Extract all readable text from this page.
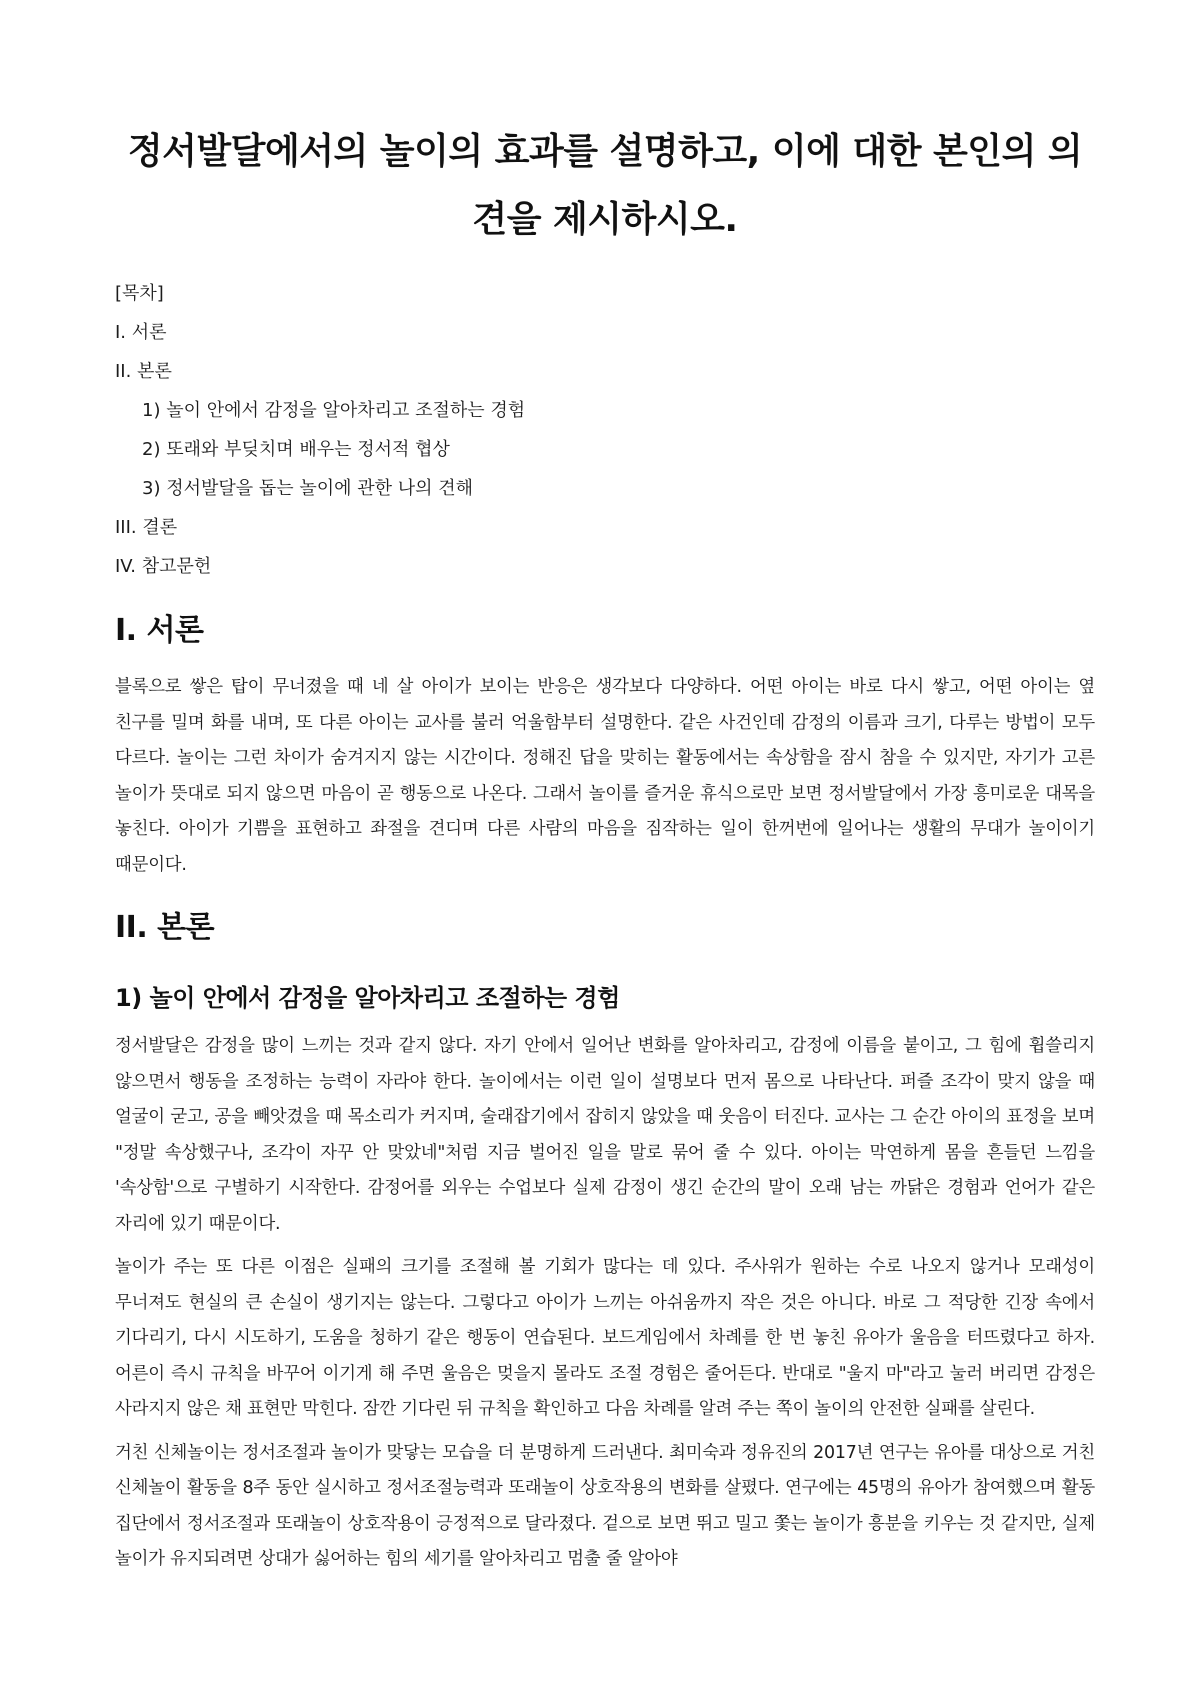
정서발달에서의 놀이의 효과를 설명하고, 이에 대한 본인의 의견을 제시하시오.
[목차]
I. 서론
II. 본론
1) 놀이 안에서 감정을 알아차리고 조절하는 경험
2) 또래와 부딪치며 배우는 정서적 협상
3) 정서발달을 돕는 놀이에 관한 나의 견해
III. 결론
IV. 참고문헌
I. 서론

블록으로 쌓은 탑이 무너졌을 때 네 살 아이가 보이는 반응은 생각보다 다양하다. 어떤 아이는 바로 다시 쌓고, 어떤 아이는 옆 친구를 밀며 화를 내며, 또 다른 아이는 교사를 불러 억울함부터 설명한다. 같은 사건인데 감정의 이름과 크기, 다루는 방법이 모두 다르다. 놀이는 그런 차이가 숨겨지지 않는 시간이다. 정해진 답을 맞히는 활동에서는 속상함을 잠시 참을 수 있지만, 자기가 고른 놀이가 뜻대로 되지 않으면 마음이 곧 행동으로 나온다. 그래서 놀이를 즐거운 휴식으로만 보면 정서발달에서 가장 흥미로운 대목을 놓친다. 아이가 기쁨을 표현하고 좌절을 견디며 다른 사람의 마음을 짐작하는 일이 한꺼번에 일어나는 생활의 무대가 놀이이기 때문이다.

II. 본론
1) 놀이 안에서 감정을 알아차리고 조절하는 경험

정서발달은 감정을 많이 느끼는 것과 같지 않다. 자기 안에서 일어난 변화를 알아차리고, 감정에 이름을 붙이고, 그 힘에 휩쓸리지 않으면서 행동을 조정하는 능력이 자라야 한다. 놀이에서는 이런 일이 설명보다 먼저 몸으로 나타난다. 퍼즐 조각이 맞지 않을 때 얼굴이 굳고, 공을 빼앗겼을 때 목소리가 커지며, 술래잡기에서 잡히지 않았을 때 웃음이 터진다. 교사는 그 순간 아이의 표정을 보며 "정말 속상했구나, 조각이 자꾸 안 맞았네"처럼 지금 벌어진 일을 말로 묶어 줄 수 있다. 아이는 막연하게 몸을 흔들던 느낌을 '속상함'으로 구별하기 시작한다. 감정어를 외우는 수업보다 실제 감정이 생긴 순간의 말이 오래 남는 까닭은 경험과 언어가 같은 자리에 있기 때문이다.

놀이가 주는 또 다른 이점은 실패의 크기를 조절해 볼 기회가 많다는 데 있다. 주사위가 원하는 수로 나오지 않거나 모래성이 무너져도 현실의 큰 손실이 생기지는 않는다. 그렇다고 아이가 느끼는 아쉬움까지 작은 것은 아니다. 바로 그 적당한 긴장 속에서 기다리기, 다시 시도하기, 도움을 청하기 같은 행동이 연습된다. 보드게임에서 차례를 한 번 놓친 유아가 울음을 터뜨렸다고 하자. 어른이 즉시 규칙을 바꾸어 이기게 해 주면 울음은 멎을지 몰라도 조절 경험은 줄어든다. 반대로 "울지 마"라고 눌러 버리면 감정은 사라지지 않은 채 표현만 막힌다. 잠깐 기다린 뒤 규칙을 확인하고 다음 차례를 알려 주는 쪽이 놀이의 안전한 실패를 살린다.

거친 신체놀이는 정서조절과 놀이가 맞닿는 모습을 더 분명하게 드러낸다. 최미숙과 정유진의 2017년 연구는 유아를 대상으로 거친 신체놀이 활동을 8주 동안 실시하고 정서조절능력과 또래놀이 상호작용의 변화를 살폈다. 연구에는 45명의 유아가 참여했으며 활동 집단에서 정서조절과 또래놀이 상호작용이 긍정적으로 달라졌다. 겉으로 보면 뛰고 밀고 쫓는 놀이가 흥분을 키우는 것 같지만, 실제 놀이가 유지되려면 상대가 싫어하는 힘의 세기를 알아차리고 멈출 줄 알아야
